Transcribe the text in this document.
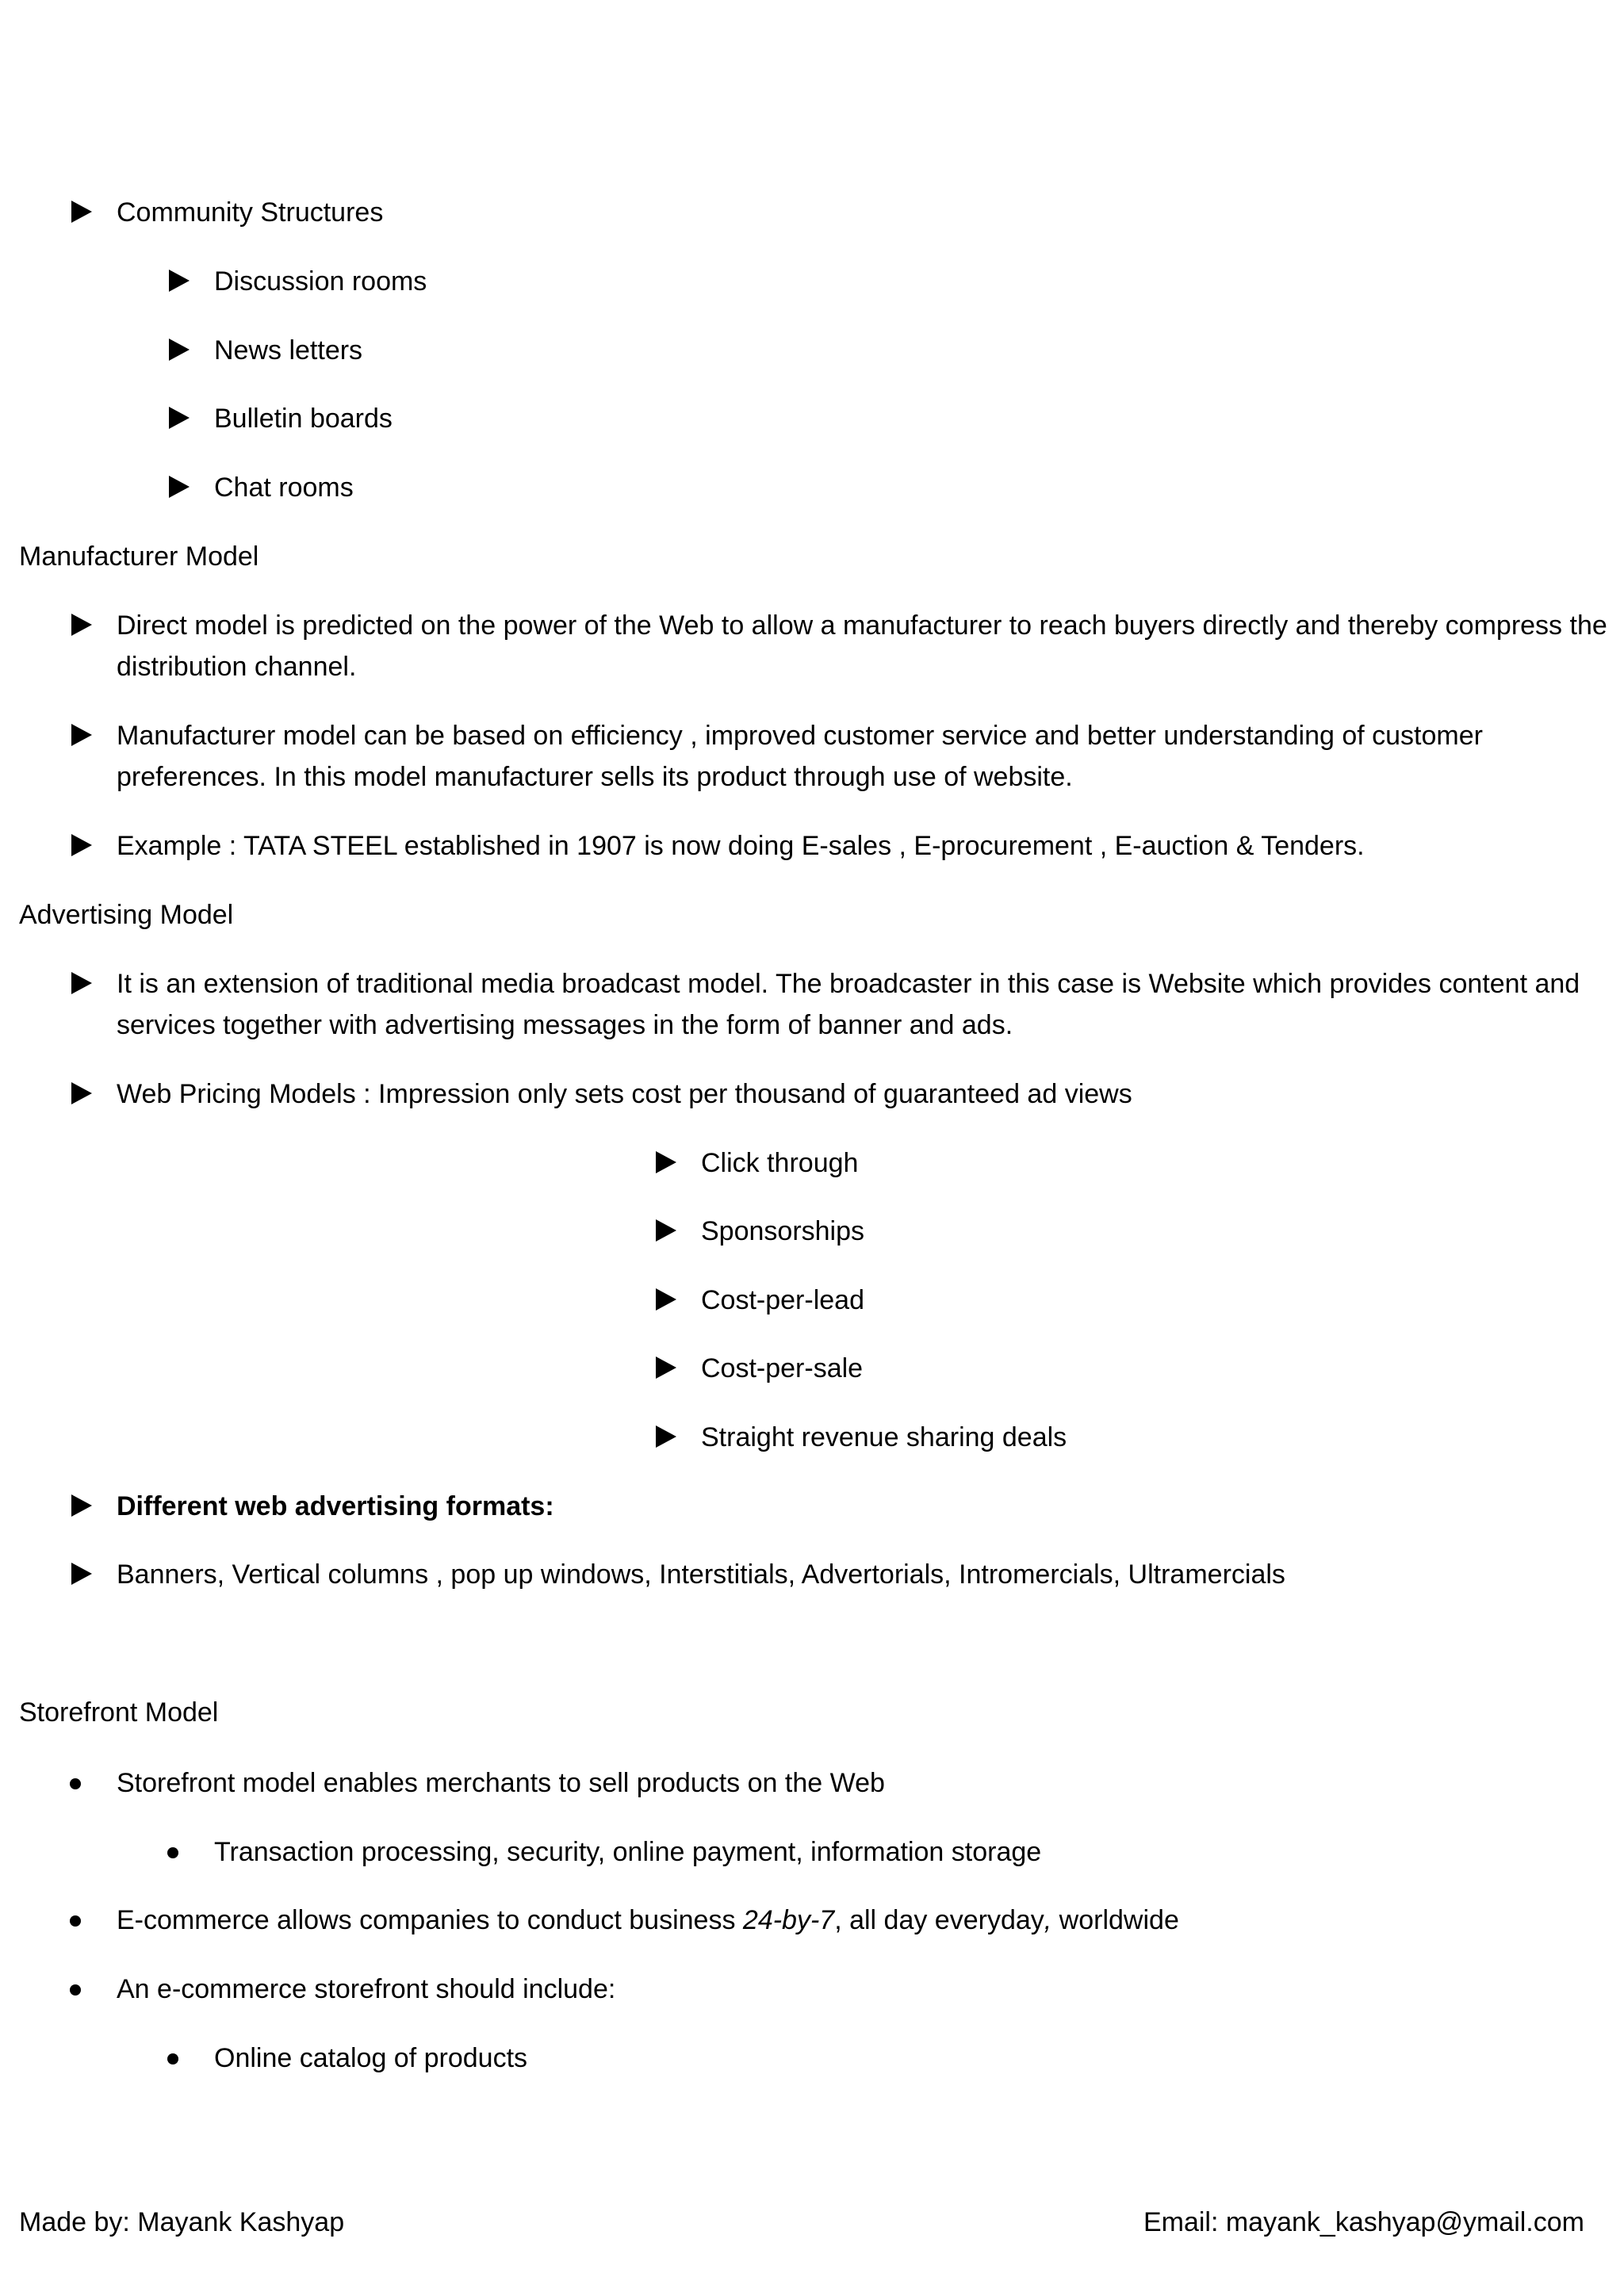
Community Structures
Discussion rooms
News letters
Bulletin boards
Chat rooms
Manufacturer Model
Direct model is predicted on the power of the Web to allow a manufacturer to reach buyers directly and thereby compress the distribution channel.
Manufacturer model can be based on efficiency , improved customer service and better understanding of customer preferences. In this model manufacturer sells its product through use of website.
Example : TATA STEEL established in 1907 is now doing E-sales , E-procurement , E-auction & Tenders.
Advertising Model
It is an extension of traditional media broadcast model. The broadcaster in this case is Website which provides content and services together with advertising messages in the form of banner and ads.
Web Pricing Models : Impression only sets cost per thousand of guaranteed ad views
Click through
Sponsorships
Cost-per-lead
Cost-per-sale
Straight revenue sharing deals
Different web advertising formats:
Banners, Vertical columns , pop up windows, Interstitials, Advertorials, Intromercials, Ultramercials
Storefront Model
Storefront model enables merchants to sell products on the Web
Transaction processing, security, online payment, information storage
E-commerce allows companies to conduct business 24-by-7, all day everyday, worldwide
An e-commerce storefront should include:
Online catalog of products
Made by: Mayank Kashyap	Email: mayank_kashyap@ymail.com
